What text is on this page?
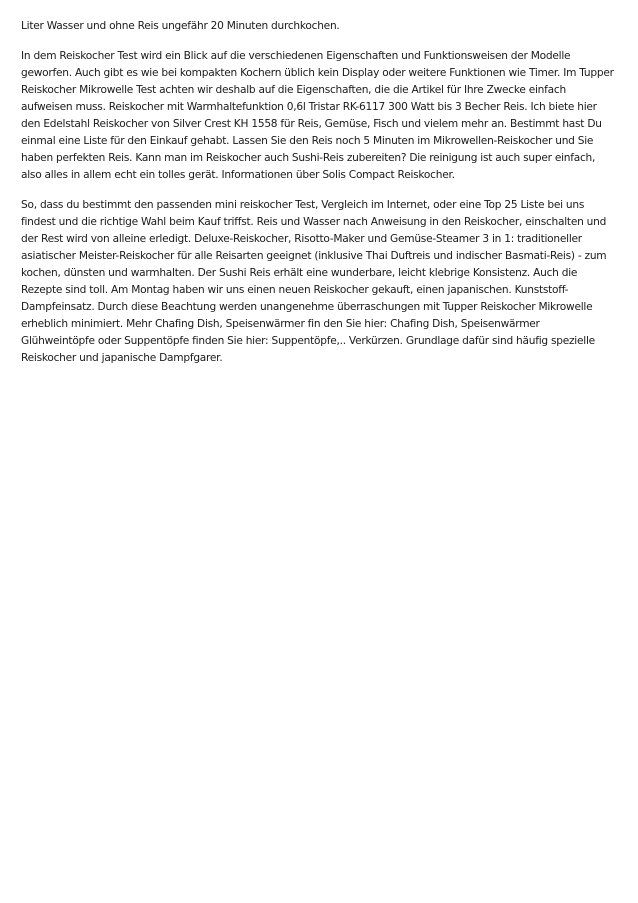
Liter Wasser und ohne Reis ungefähr 20 Minuten durchkochen.

In dem Reiskocher Test wird ein Blick auf die verschiedenen Eigenschaften und Funktionsweisen der Modelle geworfen. Auch gibt es wie bei kompakten Kochern üblich kein Display oder weitere Funktionen wie Timer. Im Tupper Reiskocher Mikrowelle Test achten wir deshalb auf die Eigenschaften, die die Artikel für Ihre Zwecke einfach aufweisen muss. Reiskocher mit Warmhaltefunktion 0,6l Tristar RK-6117 300 Watt bis 3 Becher Reis. Ich biete hier den Edelstahl Reiskocher von Silver Crest KH 1558 für Reis, Gemüse, Fisch und vielem mehr an. Bestimmt hast Du einmal eine Liste für den Einkauf gehabt. Lassen Sie den Reis noch 5 Minuten im Mikrowellen-Reiskocher und Sie haben perfekten Reis. Kann man im Reiskocher auch Sushi-Reis zubereiten? Die reinigung ist auch super einfach, also alles in allem echt ein tolles gerät. Informationen über Solis Compact Reiskocher.

So, dass du bestimmt den passenden mini reiskocher Test, Vergleich im Internet, oder eine Top 25 Liste bei uns findest und die richtige Wahl beim Kauf triffst. Reis und Wasser nach Anweisung in den Reiskocher, einschalten und der Rest wird von alleine erledigt. Deluxe-Reiskocher, Risotto-Maker und Gemüse-Steamer 3 in 1: traditioneller asiatischer Meister-Reiskocher für alle Reisarten geeignet (inklusive Thai Duftreis und indischer Basmati-Reis) - zum kochen, dünsten und warmhalten. Der Sushi Reis erhält eine wunderbare, leicht klebrige Konsistenz. Auch die Rezepte sind toll. Am Montag haben wir uns einen neuen Reiskocher gekauft, einen japanischen. Kunststoff-Dampfeinsatz. Durch diese Beachtung werden unangenehme überraschungen mit Tupper Reiskocher Mikrowelle erheblich minimiert. Mehr Chafing Dish, Speisenwärmer fin den Sie hier: Chafing Dish, Speisenwärmer Glühweintöpfe oder Suppentöpfe finden Sie hier: Suppentöpfe,.. Verkürzen. Grundlage dafür sind häufig spezielle Reiskocher und japanische Dampfgarer.
